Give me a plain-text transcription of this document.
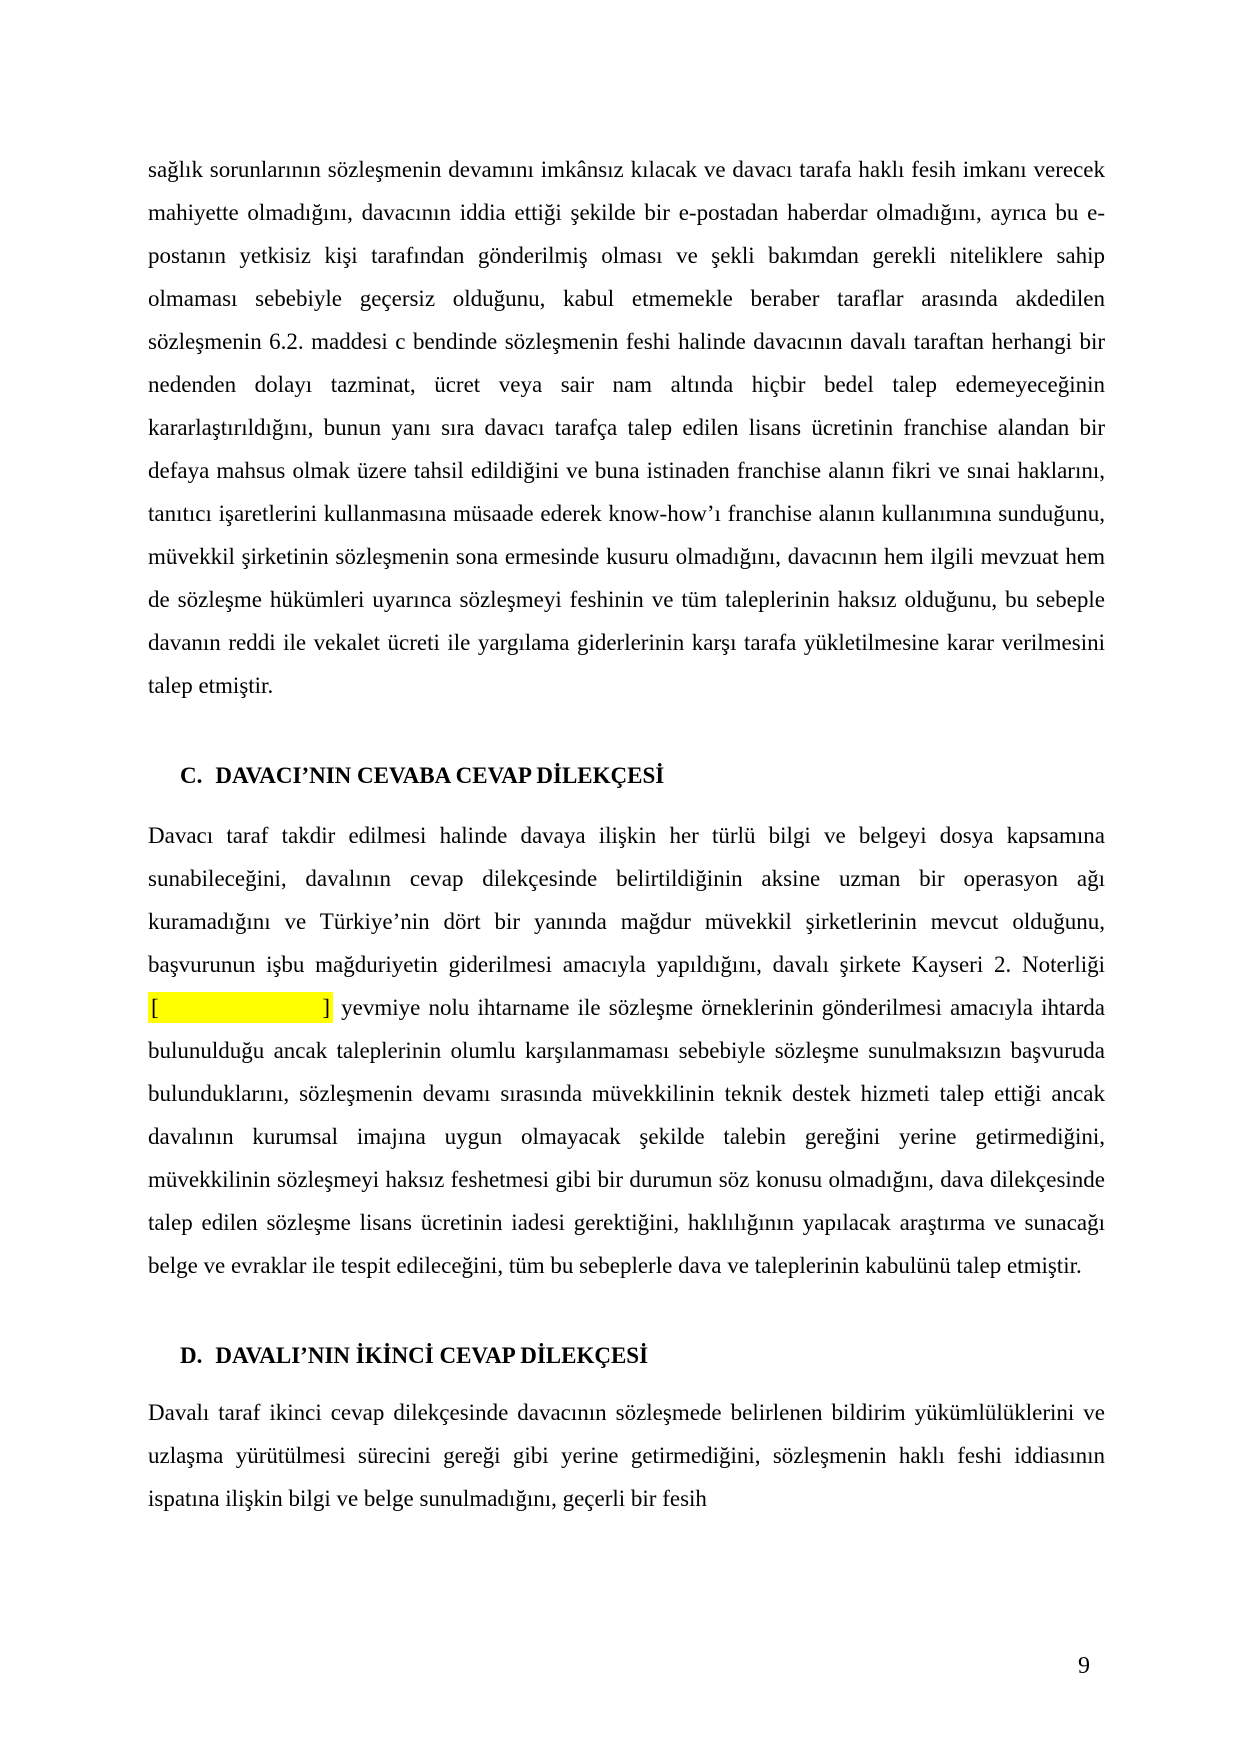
sağlık sorunlarının sözleşmenin devamını imkânsız kılacak ve davacı tarafa haklı fesih imkanı verecek mahiyette olmadığını, davacının iddia ettiği şekilde bir e-postadan haberdar olmadığını, ayrıca bu e-postanın yetkisiz kişi tarafından gönderilmiş olması ve şekli bakımdan gerekli niteliklere sahip olmaması sebebiyle geçersiz olduğunu, kabul etmemekle beraber taraflar arasında akdedilen sözleşmenin 6.2. maddesi c bendinde sözleşmenin feshi halinde davacının davalı taraftan herhangi bir nedenden dolayı tazminat, ücret veya sair nam altında hiçbir bedel talep edemeyeceğinin kararlaştırıldığını, bunun yanı sıra davacı tarafça talep edilen lisans ücretinin franchise alandan bir defaya mahsus olmak üzere tahsil edildiğini ve buna istinaden franchise alanın fikri ve sınai haklarını, tanıtıcı işaretlerini kullanmasına müsaade ederek know-how’ı franchise alanın kullanımına sunduğunu, müvekkil şirketinin sözleşmenin sona ermesinde kusuru olmadığını, davacının hem ilgili mevzuat hem de sözleşme hükümleri uyarınca sözleşmeyi feshinin ve tüm taleplerinin haksız olduğunu, bu sebeple davanın reddi ile vekalet ücreti ile yargılama giderlerinin karşı tarafa yükletilmesine karar verilmesini talep etmiştir.

C. DAVACI’NIN CEVABA CEVAP DİLEKÇESİ

Davacı taraf takdir edilmesi halinde davaya ilişkin her türlü bilgi ve belgeyi dosya kapsamına sunabileceğini, davalının cevap dilekçesinde belirtildiğinin aksine uzman bir operasyon ağı kuramadığını ve Türkiye’nin dört bir yanında mağdur müvekkil şirketlerinin mevcut olduğunu, başvurunun işbu mağduriyetin giderilmesi amacıyla yapıldığını, davalı şirkete Kayseri 2. Noterliği
[	] yevmiye nolu ihtarname ile sözleşme örneklerinin gönderilmesi amacıyla ihtarda bulunulduğu ancak taleplerinin olumlu karşılanmaması sebebiyle sözleşme sunulmaksızın başvuruda bulunduklarını, sözleşmenin devamı sırasında müvekkilinin teknik destek hizmeti talep ettiği ancak davalının kurumsal imajına uygun olmayacak şekilde talebin gereğini yerine getirmediğini, müvekkilinin sözleşmeyi haksız feshetmesi gibi bir durumun söz konusu olmadığını, dava dilekçesinde talep edilen sözleşme lisans ücretinin iadesi gerektiğini, haklılığının yapılacak araştırma ve sunacağı belge ve evraklar ile tespit edileceğini, tüm bu sebeplerle dava ve taleplerinin kabulünü talep etmiştir.

D. DAVALI’NIN İKİNCİ CEVAP DİLEKÇESİ

Davalı taraf ikinci cevap dilekçesinde davacının sözleşmede belirlenen bildirim yükümlülüklerini ve uzlaşma yürütülmesi sürecini gereği gibi yerine getirmediğini, sözleşmenin haklı feshi iddiasının ispatına ilişkin bilgi ve belge sunulmadığını, geçerli bir fesih

9
